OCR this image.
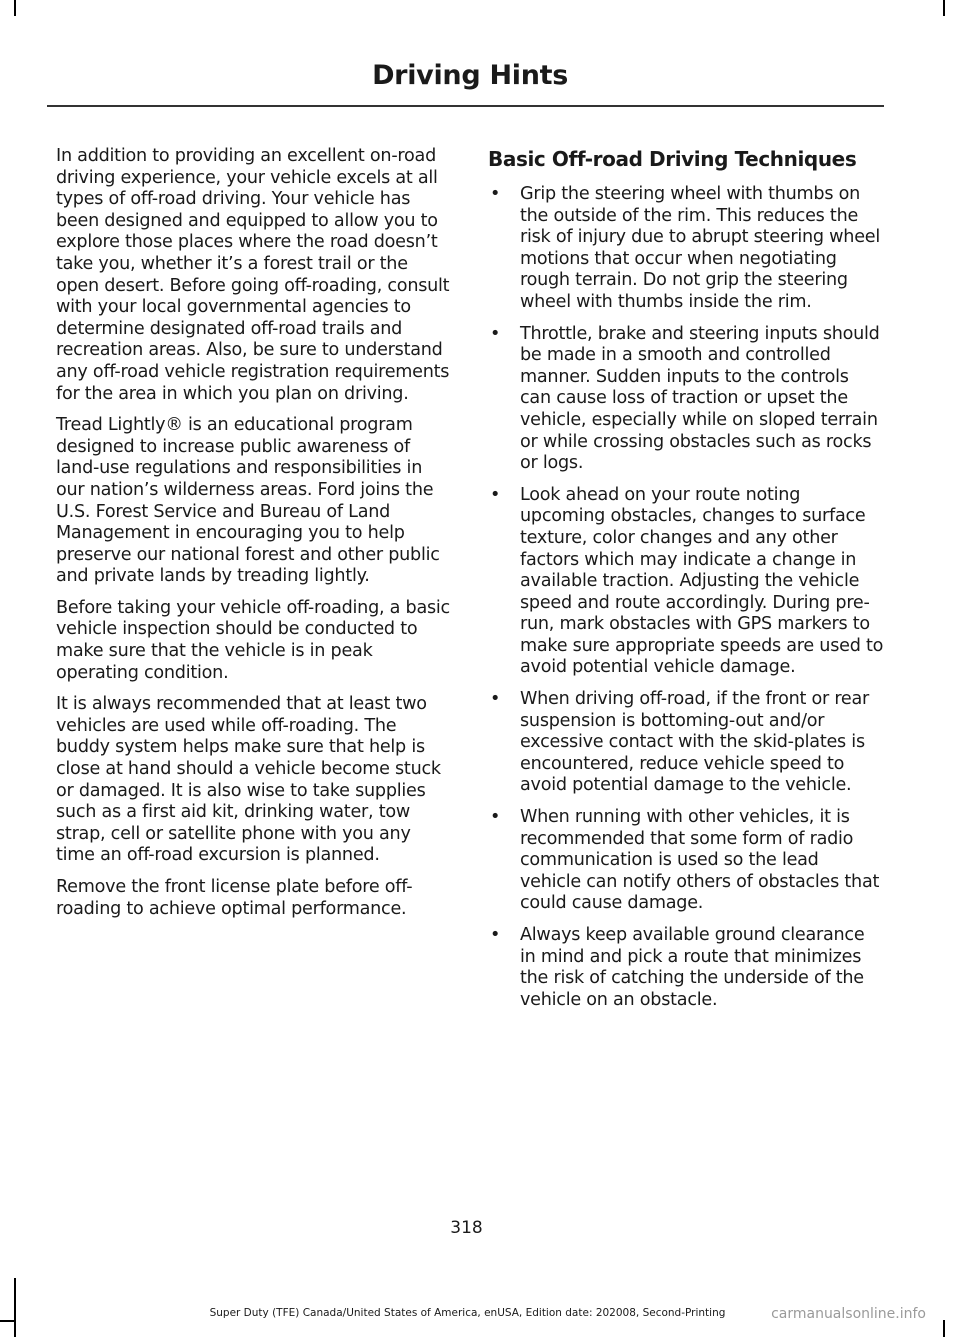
Driving Hints

In addition to providing an excellent on-road driving experience, your vehicle excels at all types of off-road driving. Your vehicle has been designed and equipped to allow you to explore those places where the road doesn’t take you, whether it’s a forest trail or the open desert. Before going off-roading, consult with your local governmental agencies to determine designated off-road trails and recreation areas. Also, be sure to understand any off-road vehicle registration requirements for the area in which you plan on driving.

Tread Lightly® is an educational program designed to increase public awareness of land-use regulations and responsibilities in our nation’s wilderness areas. Ford joins the U.S. Forest Service and Bureau of Land Management in encouraging you to help preserve our national forest and other public and private lands by treading lightly.

Before taking your vehicle off-roading, a basic vehicle inspection should be conducted to make sure that the vehicle is in peak operating condition.

It is always recommended that at least two vehicles are used while off-roading. The buddy system helps make sure that help is close at hand should a vehicle become stuck or damaged. It is also wise to take supplies such as a first aid kit, drinking water, tow strap, cell or satellite phone with you any time an off-road excursion is planned.

Remove the front license plate before off-roading to achieve optimal performance.

Basic Off-road Driving Techniques
• Grip the steering wheel with thumbs on the outside of the rim. This reduces the risk of injury due to abrupt steering wheel motions that occur when negotiating rough terrain. Do not grip the steering wheel with thumbs inside the rim.
• Throttle, brake and steering inputs should be made in a smooth and controlled manner. Sudden inputs to the controls can cause loss of traction or upset the vehicle, especially while on sloped terrain or while crossing obstacles such as rocks or logs.
• Look ahead on your route noting upcoming obstacles, changes to surface texture, color changes and any other factors which may indicate a change in available traction. Adjusting the vehicle speed and route accordingly. During pre-run, mark obstacles with GPS markers to make sure appropriate speeds are used to avoid potential vehicle damage.
• When driving off-road, if the front or rear suspension is bottoming-out and/or excessive contact with the skid-plates is encountered, reduce vehicle speed to avoid potential damage to the vehicle.
• When running with other vehicles, it is recommended that some form of radio communication is used so the lead vehicle can notify others of obstacles that could cause damage.
• Always keep available ground clearance in mind and pick a route that minimizes the risk of catching the underside of the vehicle on an obstacle.
318
Super Duty (TFE) Canada/United States of America, enUSA, Edition date: 202008, Second-Printing	carmanualsonline.info
